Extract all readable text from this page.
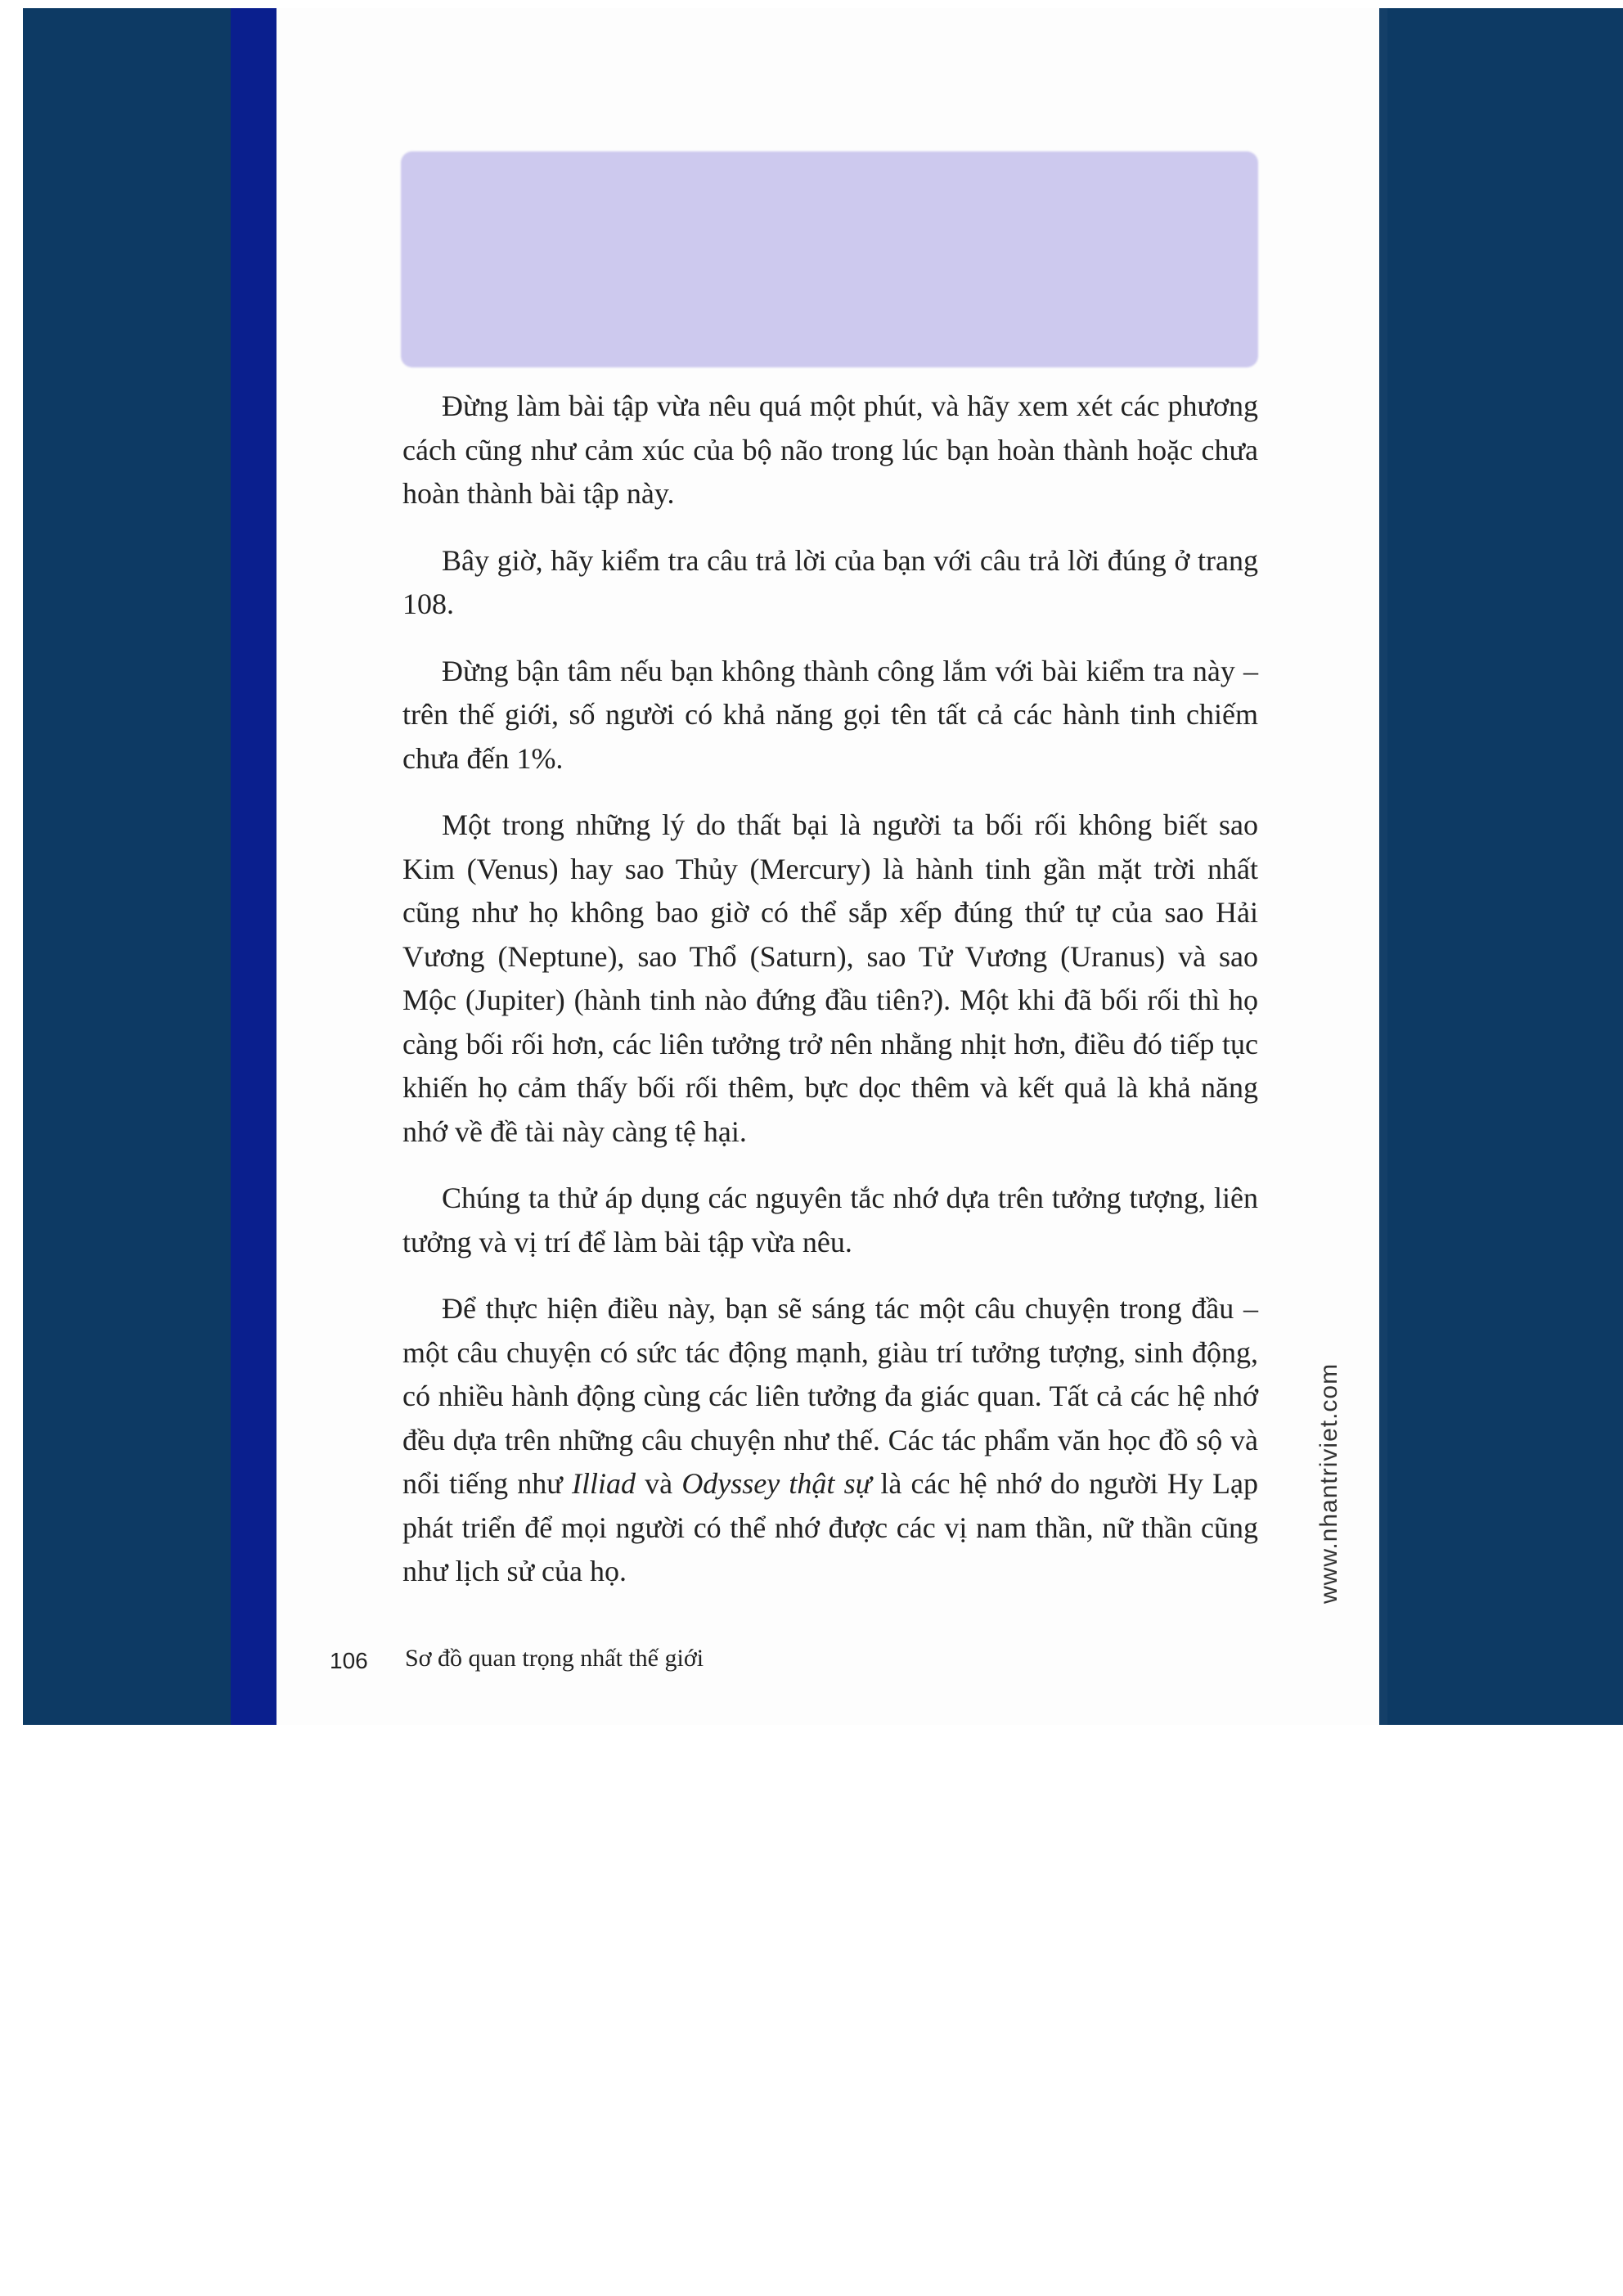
Đừng làm bài tập vừa nêu quá một phút, và hãy xem xét các phương cách cũng như cảm xúc của bộ não trong lúc bạn hoàn thành hoặc chưa hoàn thành bài tập này.

Bây giờ, hãy kiểm tra câu trả lời của bạn với câu trả lời đúng ở trang 108.

Đừng bận tâm nếu bạn không thành công lắm với bài kiểm tra này – trên thế giới, số người có khả năng gọi tên tất cả các hành tinh chiếm chưa đến 1%.

Một trong những lý do thất bại là người ta bối rối không biết sao Kim (Venus) hay sao Thủy (Mercury) là hành tinh gần mặt trời nhất cũng như họ không bao giờ có thể sắp xếp đúng thứ tự của sao Hải Vương (Neptune), sao Thổ (Saturn), sao Tử Vương (Uranus) và sao Mộc (Jupiter) (hành tinh nào đứng đầu tiên?). Một khi đã bối rối thì họ càng bối rối hơn, các liên tưởng trở nên nhằng nhịt hơn, điều đó tiếp tục khiến họ cảm thấy bối rối thêm, bực dọc thêm và kết quả là khả năng nhớ về đề tài này càng tệ hại.

Chúng ta thử áp dụng các nguyên tắc nhớ dựa trên tưởng tượng, liên tưởng và vị trí để làm bài tập vừa nêu.

Để thực hiện điều này, bạn sẽ sáng tác một câu chuyện trong đầu – một câu chuyện có sức tác động mạnh, giàu trí tưởng tượng, sinh động, có nhiều hành động cùng các liên tưởng đa giác quan. Tất cả các hệ nhớ đều dựa trên những câu chuyện như thế. Các tác phẩm văn học đồ sộ và nổi tiếng như Illiad và Odyssey thật sự là các hệ nhớ do người Hy Lạp phát triển để mọi người có thể nhớ được các vị nam thần, nữ thần cũng như lịch sử của họ.

106 Sơ đồ quan trọng nhất thế giới
www.nhantriviet.com
